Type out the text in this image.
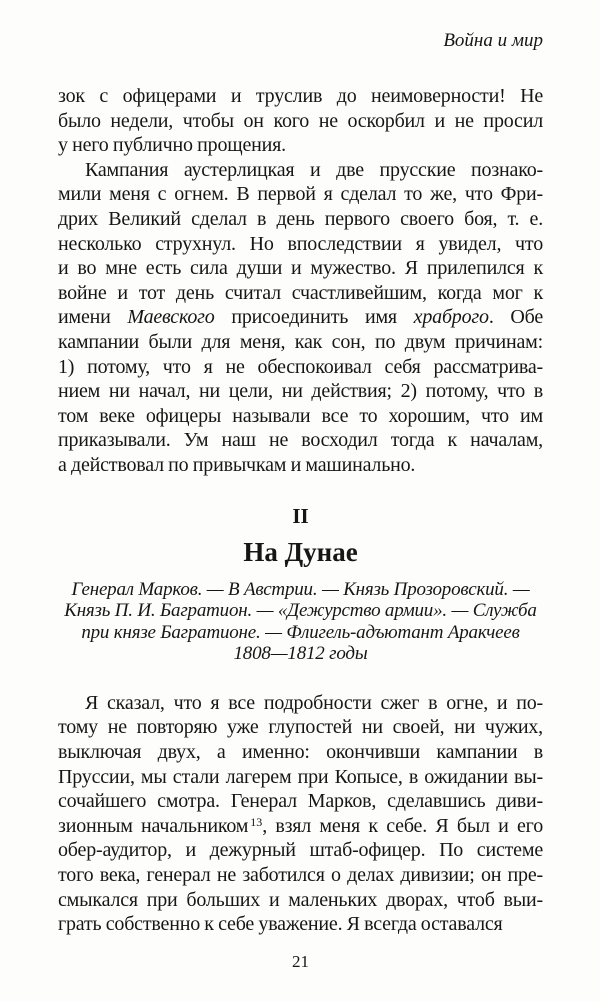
Война и мир
зок с офицерами и труслив до неимоверности! Не
было недели, чтобы он кого не оскорбил и не просил
у него публично прощения.
Кампания аустерлицкая и две прусские познако-
мили меня с огнем. В первой я сделал то же, что Фри-
дрих Великий сделал в день первого своего боя, т. е.
несколько струхнул. Но впоследствии я увидел, что
и во мне есть сила души и мужество. Я прилепился к
войне и тот день считал счастливейшим, когда мог к
имени Маевского присоединить имя храброго. Обе
кампании были для меня, как сон, по двум причинам:
1) потому, что я не обеспокоивал себя рассматрива-
нием ни начал, ни цели, ни действия; 2) потому, что в
том веке офицеры называли все то хорошим, что им
приказывали. Ум наш не восходил тогда к началам,
а действовал по привычкам и машинально.
II
На Дунае
Генерал Марков. — В Австрии. — Князь Прозоровский. —
Князь П. И. Багратион. — «Дежурство армии». — Служба
при князе Багратионе. — Флигель-адъютант Аракчеев
1808—1812 годы
Я сказал, что я все подробности сжег в огне, и по-
тому не повторяю уже глупостей ни своей, ни чужих,
выключая двух, а именно: окончивши кампании в
Пруссии, мы стали лагерем при Копысе, в ожидании вы-
сочайшего смотра. Генерал Марков, сделавшись диви-
зионным начальником $^{13}$, взял меня к себе. Я был и его
обер-аудитор, и дежурный штаб-офицер. По системе
того века, генерал не заботился о делах дивизии; он пре-
смыкался при больших и маленьких дворах, чтоб выи-
грать собственно к себе уважение. Я всегда оставался
21
